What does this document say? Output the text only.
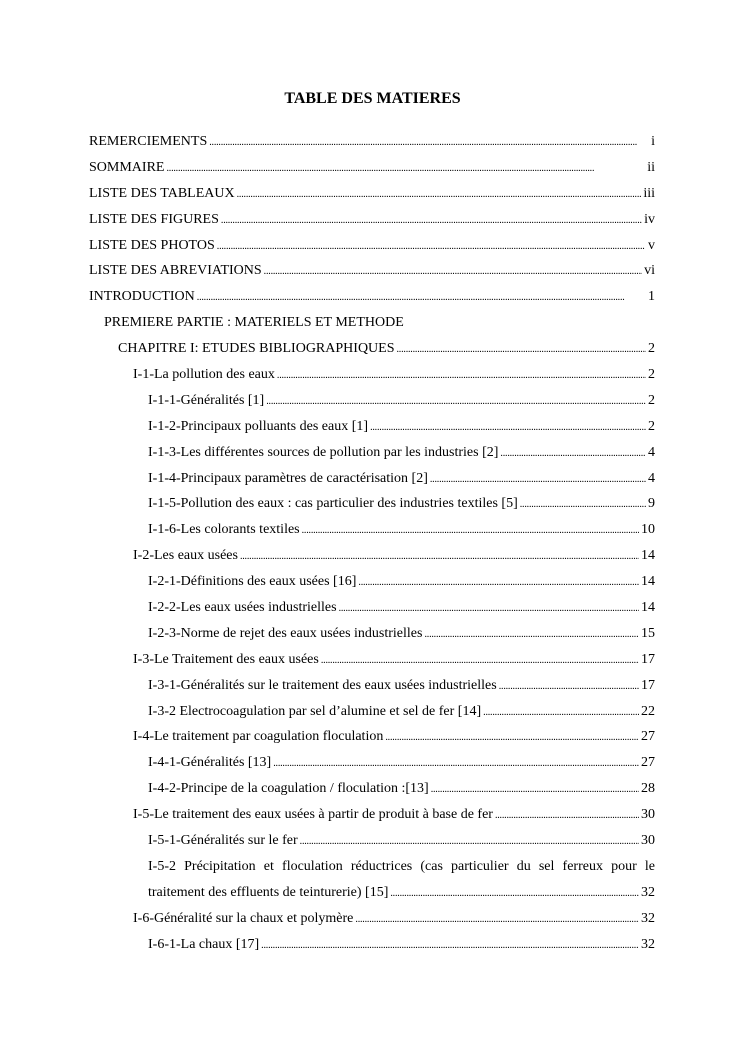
TABLE DES MATIERES
REMERCIEMENTS . . .	i
SOMMAIRE . . .	ii
LISTE DES TABLEAUX . . .	iii
LISTE DES FIGURES . . .	iv
LISTE DES PHOTOS . . .	v
LISTE DES ABREVIATIONS . . .	vi
INTRODUCTION . . .	1
PREMIERE PARTIE : MATERIELS ET METHODE
CHAPITRE I: ETUDES BIBLIOGRAPHIQUES . . .	2
I-1-La pollution des eaux . . .	2
I-1-1-Généralités [1] . . .	2
I-1-2-Principaux polluants des eaux [1] . . .	2
I-1-3-Les différentes sources de pollution par les industries [2] . . .	4
I-1-4-Principaux paramètres de caractérisation [2] . . .	4
I-1-5-Pollution des eaux : cas particulier des industries textiles [5] . . .	9
I-1-6-Les colorants textiles . . .	10
I-2-Les eaux usées . . .	14
I-2-1-Définitions des eaux usées [16] . . .	14
I-2-2-Les eaux usées industrielles . . .	14
I-2-3-Norme de rejet des eaux usées industrielles . . .	15
I-3-Le Traitement des eaux usées . . .	17
I-3-1-Généralités sur le traitement des eaux usées industrielles . . .	17
I-3-2 Electrocoagulation par sel d’alumine et sel de fer [14] . . .	22
I-4-Le traitement par coagulation floculation . . .	27
I-4-1-Généralités [13] . . .	27
I-4-2-Principe de la coagulation / floculation :[13] . . .	28
I-5-Le traitement des eaux usées à partir de produit à base de fer . . .	30
I-5-1-Généralités sur le fer . . .	30
I-5-2 Précipitation et floculation réductrices (cas particulier du sel ferreux pour le
traitement des effluents de teinturerie) [15] . . .	32
I-6-Généralité sur la chaux et polymère . . .	32
I-6-1-La chaux [17] . . .	32
